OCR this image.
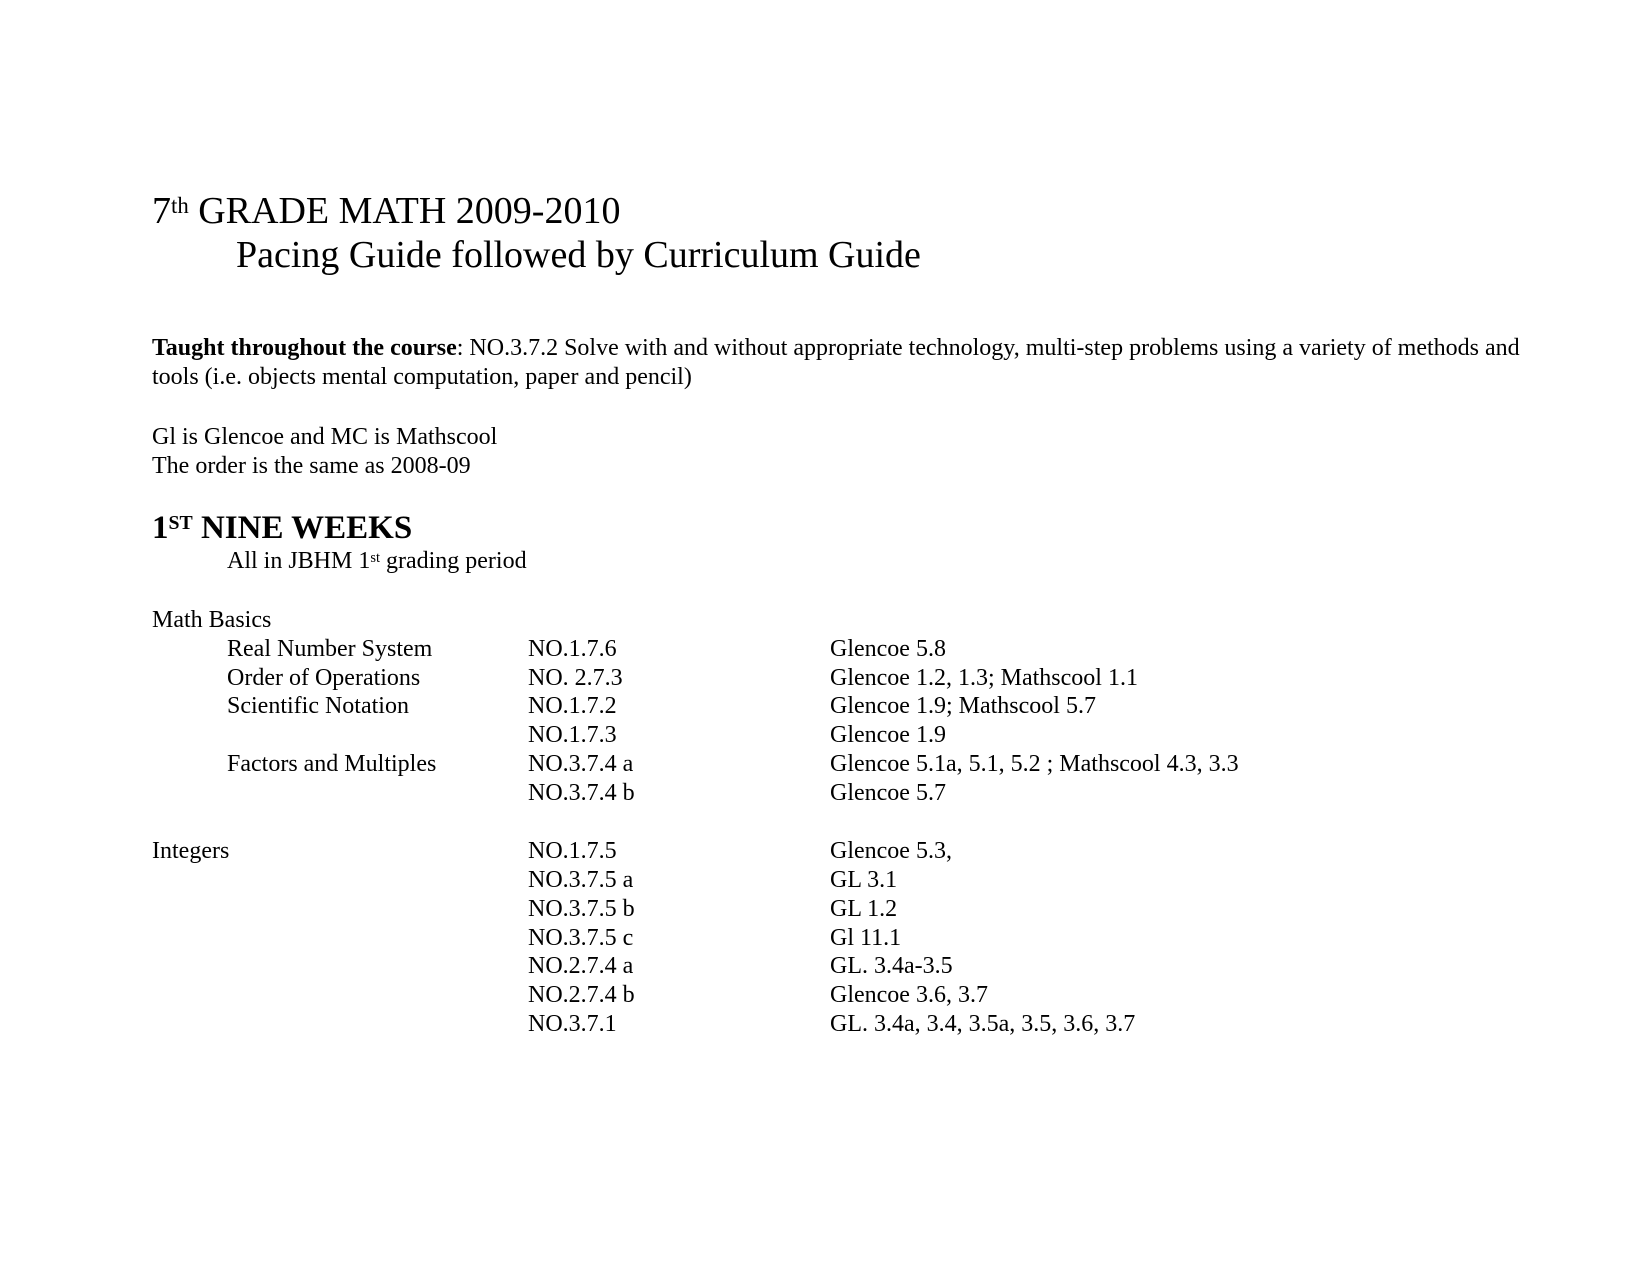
7th GRADE MATH 2009-2010
Pacing Guide followed by Curriculum Guide
Taught throughout the course: NO.3.7.2 Solve with and without appropriate technology, multi-step problems using a variety of methods and tools (i.e. objects mental computation, paper and pencil)
Gl is Glencoe and MC is Mathscool
The order is the same as 2008-09
1ST NINE WEEKS
All in JBHM 1st grading period
Math Basics
Real Number System	NO.1.7.6	Glencoe 5.8
Order of Operations	NO. 2.7.3	Glencoe 1.2, 1.3; Mathscool 1.1
Scientific Notation	NO.1.7.2	Glencoe 1.9; Mathscool 5.7
NO.1.7.3	Glencoe 1.9
Factors and Multiples	NO.3.7.4 a	Glencoe 5.1a, 5.1, 5.2 ; Mathscool 4.3, 3.3
NO.3.7.4 b	Glencoe 5.7
Integers	NO.1.7.5	Glencoe 5.3,
NO.3.7.5 a	GL 3.1
NO.3.7.5 b	GL 1.2
NO.3.7.5 c	Gl 11.1
NO.2.7.4 a	GL. 3.4a-3.5
NO.2.7.4 b	Glencoe 3.6, 3.7
NO.3.7.1	GL. 3.4a, 3.4, 3.5a, 3.5, 3.6, 3.7
